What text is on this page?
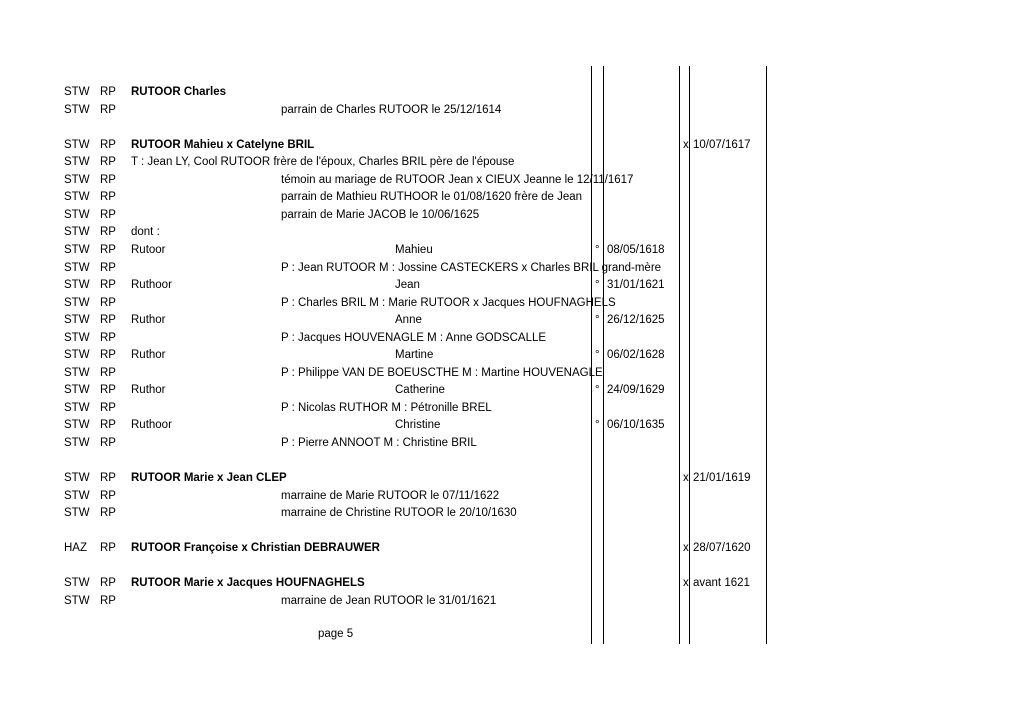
STW RP RUTOOR Charles
STW RP	parrain de Charles RUTOOR le 25/12/1614
STW RP RUTOOR Mahieu x Catelyne BRIL	x 10/07/1617
STW RP T : Jean LY, Cool RUTOOR frère de l'époux, Charles BRIL père de l'épouse
STW RP	témoin au mariage de RUTOOR Jean x CIEUX Jeanne le 12/11/1617
STW RP	parrain de Mathieu RUTHOOR le 01/08/1620 frère de Jean
STW RP	parrain de Marie JACOB le 10/06/1625
STW RP dont :
STW RP Rutoor	Mahieu	° 08/05/1618
STW RP	P : Jean RUTOOR M : Jossine CASTECKERS x Charles BRIL grand-mère
STW RP Ruthoor	Jean	° 31/01/1621
STW RP	P : Charles BRIL M : Marie RUTOOR x Jacques HOUFNAGHELS
STW RP Ruthor	Anne	° 26/12/1625
STW RP	P : Jacques HOUVENAGLE M : Anne GODSCALLE
STW RP Ruthor	Martine	° 06/02/1628
STW RP	P : Philippe VAN DE BOEUSCTHE M : Martine HOUVENAGLE
STW RP Ruthor	Catherine	° 24/09/1629
STW RP	P : Nicolas RUTHOR M : Pétronille BREL
STW RP Ruthoor	Christine	° 06/10/1635
STW RP	P : Pierre ANNOOT M : Christine BRIL
STW RP RUTOOR Marie x Jean CLEP	x 21/01/1619
STW RP	marraine de Marie RUTOOR le 07/11/1622
STW RP	marraine de Christine RUTOOR le 20/10/1630
HAZ RP RUTOOR Françoise x Christian DEBRAUWER	x 28/07/1620
STW RP RUTOOR Marie x Jacques HOUFNAGHELS	x avant 1621
STW RP	marraine de Jean RUTOOR le 31/01/1621
page 5
